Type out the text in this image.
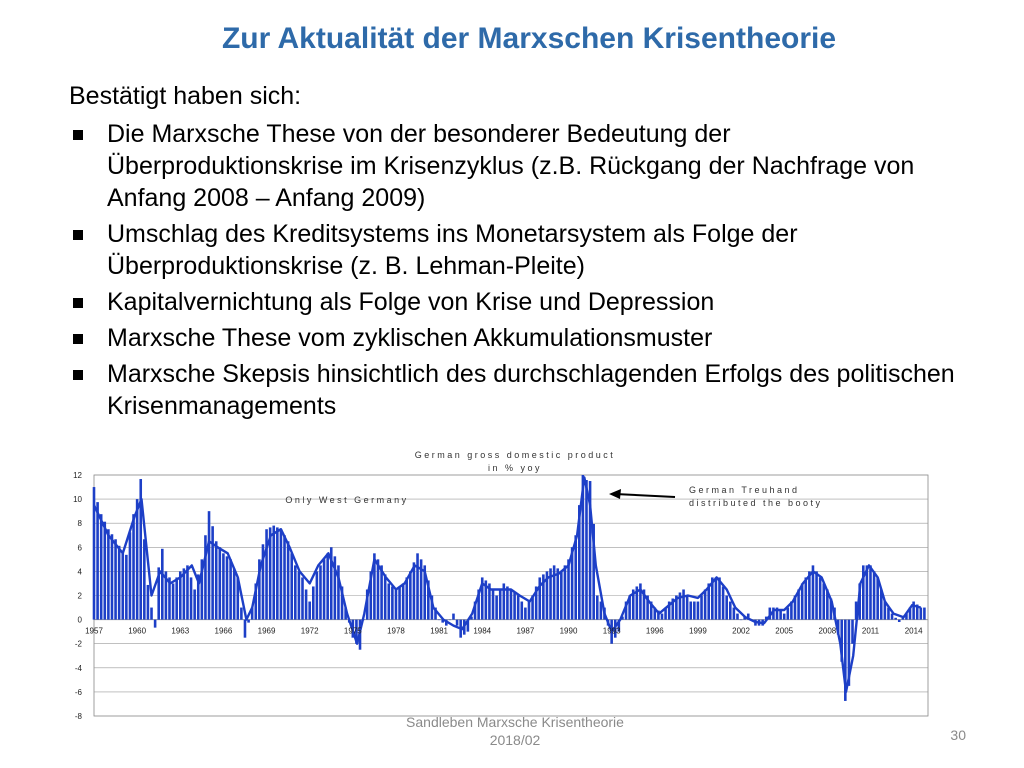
Zur Aktualität der Marxschen Krisentheorie
Bestätigt haben sich:
Die Marxsche These von der besonderer Bedeutung der Überproduktionskrise im Krisenzyklus (z.B. Rückgang der Nachfrage von Anfang 2008 – Anfang 2009)
Umschlag des Kreditsystems ins Monetarsystem als Folge der Überproduktionskrise (z. B. Lehman-Pleite)
Kapitalvernichtung als Folge von Krise und Depression
Marxsche These vom zyklischen Akkumulationsmuster
Marxsche Skepsis hinsichtlich des durchschlagenden Erfolgs des politischen Krisenmanagements
12
10
8
6
4
2
0
-2
-4
-6
-8
1957	1960	1963	1966	1969	1972	1975	1978	1981	1984	1987	1990	1993	1996	1999	2002	2005	2008	2011	2014
German gross domestic product
in % yoy
Only West Germany
German Treuhand
distributed the booty
Sandleben Marxsche Krisentheorie
2018/02	30
